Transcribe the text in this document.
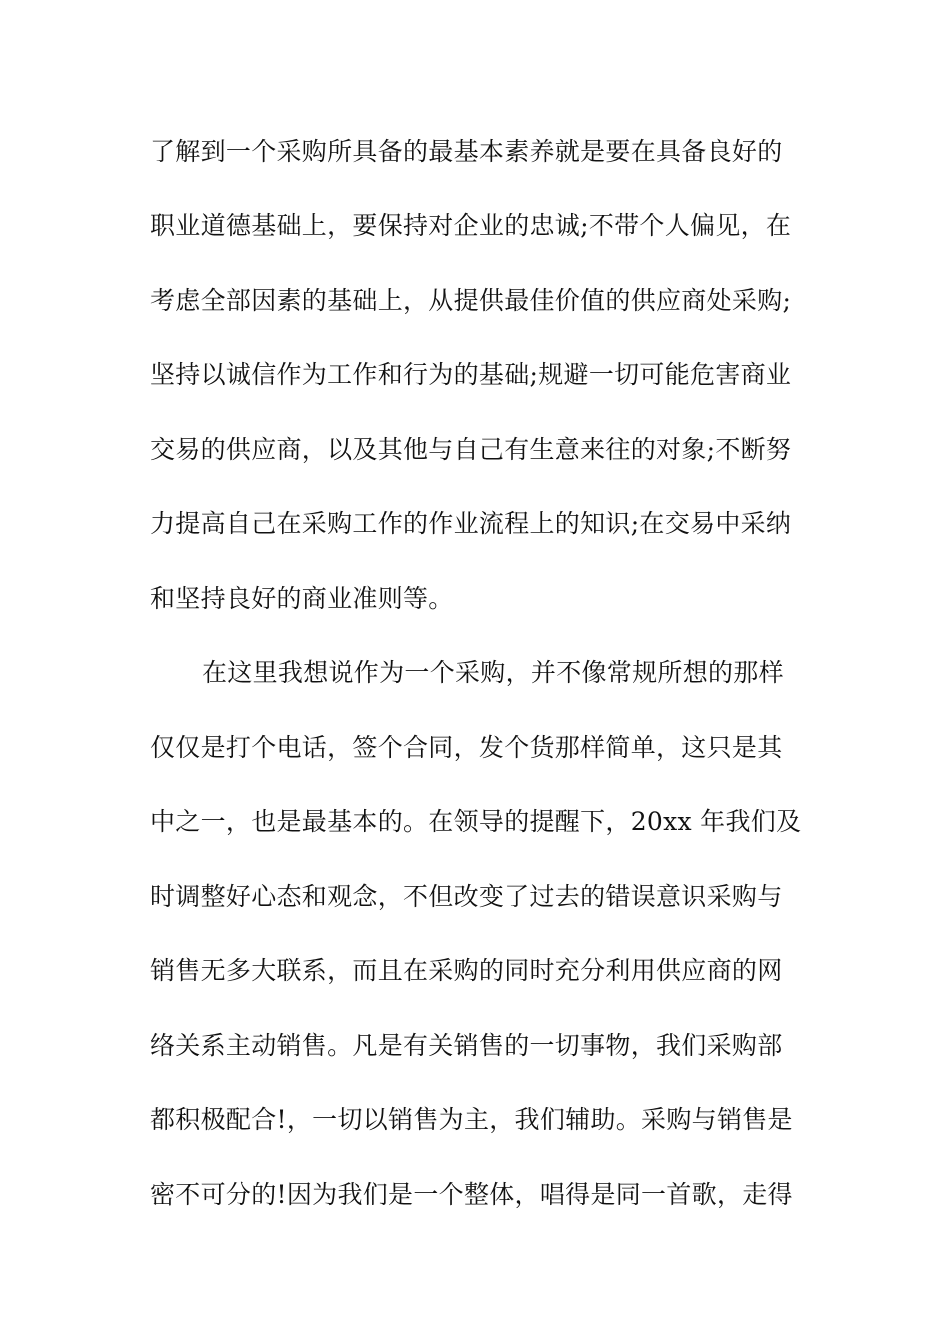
了解到一个采购所具备的最基本素养就是要在具备良好的
职业道德基础上，要保持对企业的忠诚;不带个人偏见，在
考虑全部因素的基础上，从提供最佳价值的供应商处采购;
坚持以诚信作为工作和行为的基础;规避一切可能危害商业
交易的供应商，以及其他与自己有生意来往的对象;不断努
力提高自己在采购工作的作业流程上的知识;在交易中采纳
和坚持良好的商业准则等。
在这里我想说作为一个采购，并不像常规所想的那样
仅仅是打个电话，签个合同，发个货那样简单，这只是其
中之一，也是最基本的。在领导的提醒下，20xx 年我们及
时调整好心态和观念，不但改变了过去的错误意识采购与
销售无多大联系，而且在采购的同时充分利用供应商的网
络关系主动销售。凡是有关销售的一切事物，我们采购部
都积极配合!，一切以销售为主，我们辅助。采购与销售是
密不可分的!因为我们是一个整体，唱得是同一首歌，走得
